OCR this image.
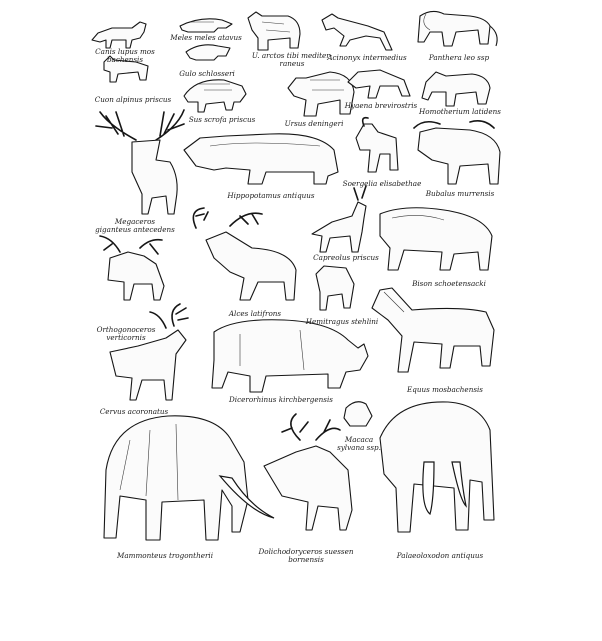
Canis lupus mos
bachensis
Meles meles atavus
Gulo schlosseri
U. arctos tibi mediter-
raneus
Acinonyx intermedius	Panthera leo ssp
Cuon alpinus priscus
Sus scrofa priscus	Ursus deningeri
Hyaena brevirostris
Homotherium latidens
Hippopotamus antiquus
Soergelia elisabethae
Bubalus murrensis
Megaceros
giganteus antecedens
Capreolus priscus
Bison schoetensacki
Alces latifrons
Hemitragus stehlini
Orthogonoceros
verticornis
Dicerorhinus kirchbergensis
Equus mosbachensis
Cervus acoronatus
Macaca
sylvana ssp.
Mammonteus trogontherii	Dolichodoryceros suessen
bornensis	Palaeoloxodon antiquus
